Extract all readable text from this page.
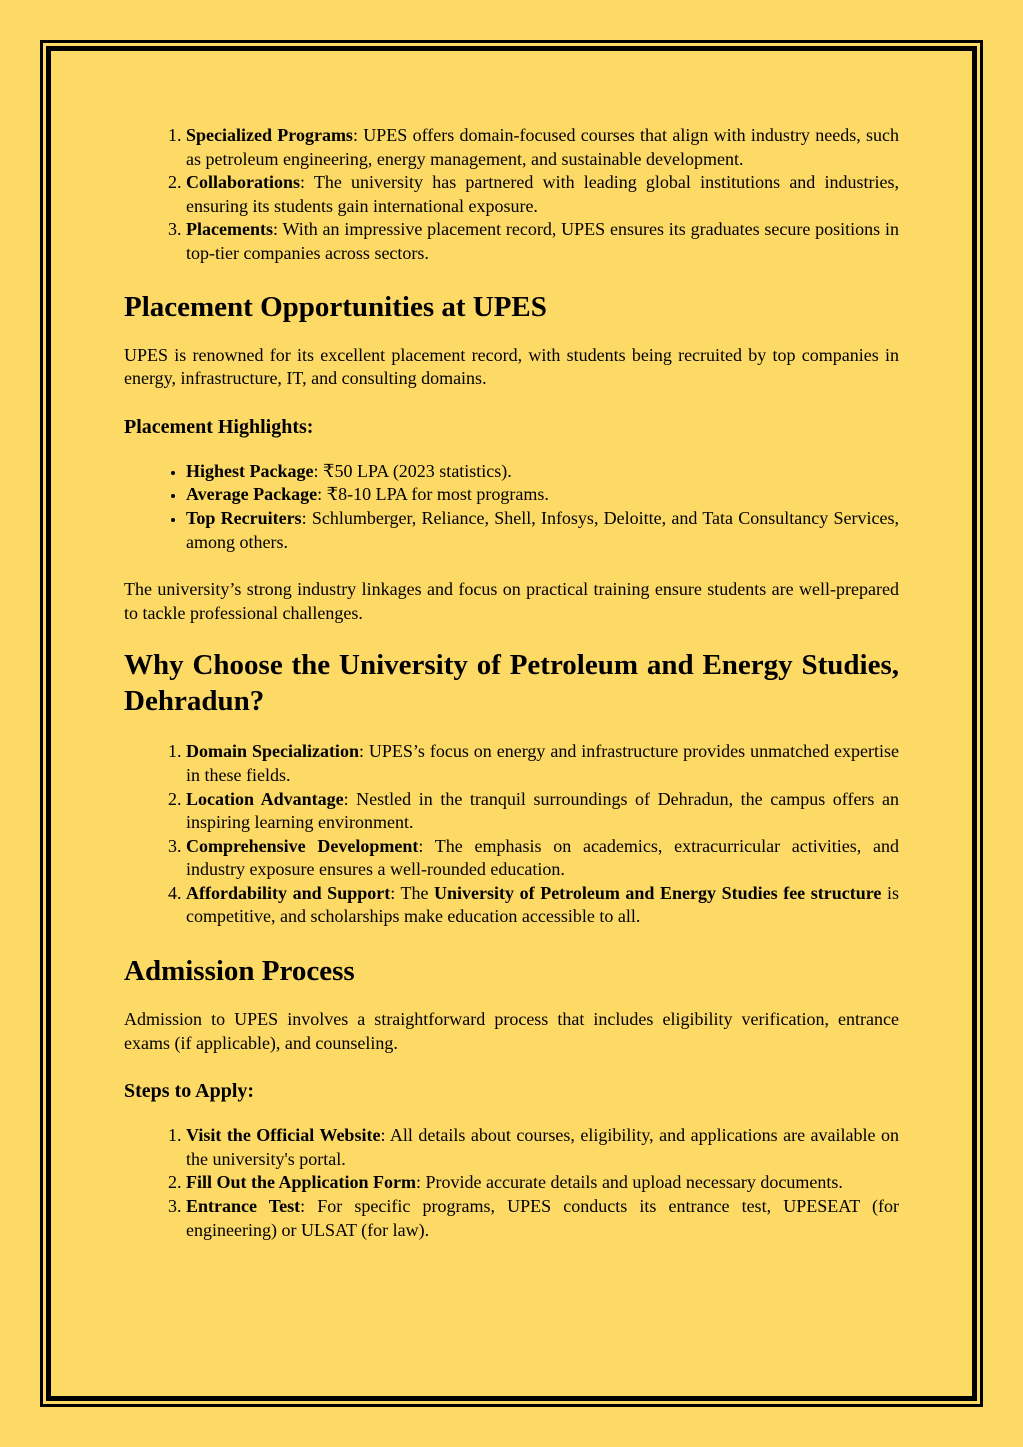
1. Specialized Programs: UPES offers domain-focused courses that align with industry needs, such as petroleum engineering, energy management, and sustainable development.
2. Collaborations: The university has partnered with leading global institutions and industries, ensuring its students gain international exposure.
3. Placements: With an impressive placement record, UPES ensures its graduates secure positions in top-tier companies across sectors.
Placement Opportunities at UPES

UPES is renowned for its excellent placement record, with students being recruited by top companies in energy, infrastructure, IT, and consulting domains.

Placement Highlights:
• Highest Package: ₹50 LPA (2023 statistics).
• Average Package: ₹8-10 LPA for most programs.
• Top Recruiters: Schlumberger, Reliance, Shell, Infosys, Deloitte, and Tata Consultancy Services, among others.

The university’s strong industry linkages and focus on practical training ensure students are well-prepared to tackle professional challenges.

Why Choose the University of Petroleum and Energy Studies, Dehradun?
1. Domain Specialization: UPES’s focus on energy and infrastructure provides unmatched expertise in these fields.
2. Location Advantage: Nestled in the tranquil surroundings of Dehradun, the campus offers an inspiring learning environment.
3. Comprehensive Development: The emphasis on academics, extracurricular activities, and industry exposure ensures a well-rounded education.
4. Affordability and Support: The University of Petroleum and Energy Studies fee structure is competitive, and scholarships make education accessible to all.
Admission Process

Admission to UPES involves a straightforward process that includes eligibility verification, entrance exams (if applicable), and counseling.

Steps to Apply:
1. Visit the Official Website: All details about courses, eligibility, and applications are available on the university's portal.
2. Fill Out the Application Form: Provide accurate details and upload necessary documents.
3. Entrance Test: For specific programs, UPES conducts its entrance test, UPESEAT (for engineering) or ULSAT (for law).
